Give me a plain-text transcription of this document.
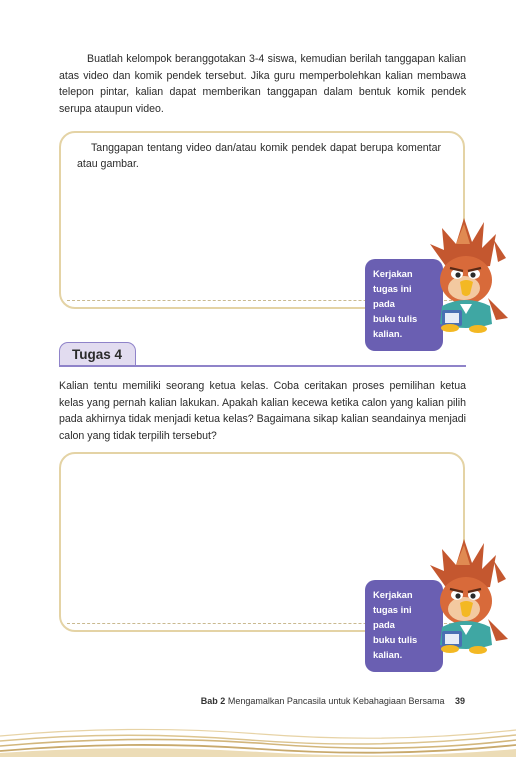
Buatlah kelompok beranggotakan 3-4 siswa, kemudian berilah tanggapan kalian atas video dan komik pendek tersebut. Jika guru memperbolehkan kalian membawa telepon pintar, kalian dapat memberikan tanggapan dalam bentuk komik pendek serupa ataupun video.

Tanggapan tentang video dan/atau komik pendek dapat berupa komentar atau gambar.

Kerjakan
tugas ini
pada
buku tulis
kalian.
Tugas 4

Kalian tentu memiliki seorang ketua kelas. Coba ceritakan proses pemilihan ketua kelas yang pernah kalian lakukan. Apakah kalian kecewa ketika calon yang kalian pilih pada akhirnya tidak menjadi ketua kelas? Bagaimana sikap kalian seandainya menjadi calon yang tidak terpilih tersebut?

Kerjakan
tugas ini
pada
buku tulis
kalian.
Bab 2 Mengamalkan Pancasila untuk Kebahagiaan Bersama 39
